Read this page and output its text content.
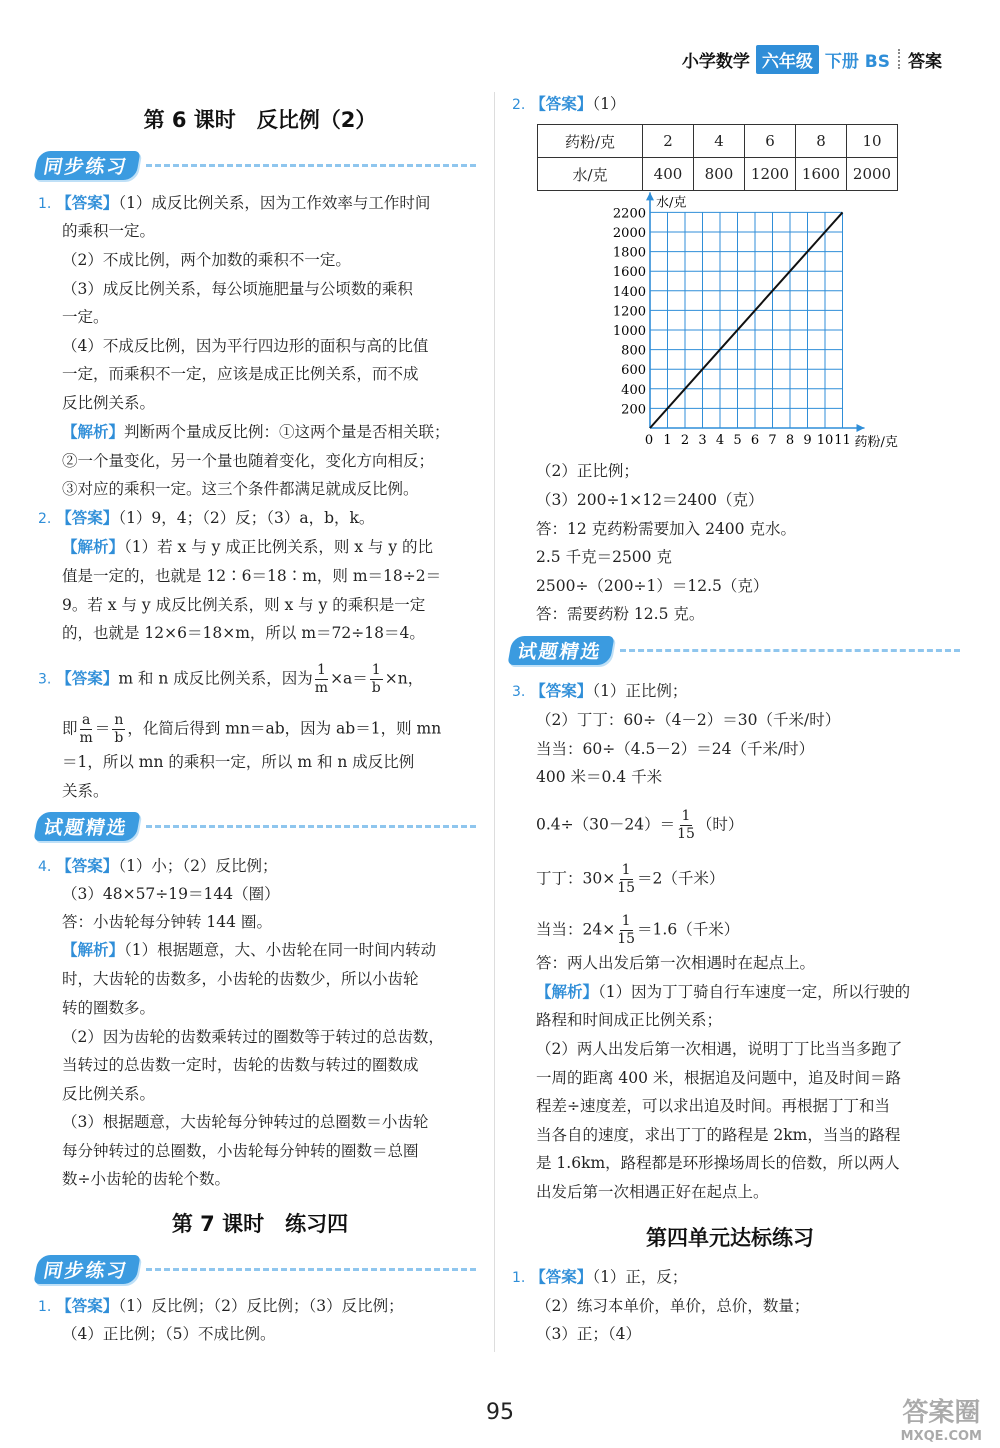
小学数学 六年级 下册 BS 答案
第 6 课时　反比例（2）
同步练习
1. 【答案】（1）成反比例关系，因为工作效率与工作时间
的乘积一定。
（2）不成比例，两个加数的乘积不一定。
（3）成反比例关系，每公顷施肥量与公顷数的乘积
一定。
（4）不成反比例，因为平行四边形的面积与高的比值
一定，而乘积不一定，应该是成正比例关系，而不成
反比例关系。
【解析】判断两个量成反比例：①这两个量是否相关联；
②一个量变化，另一个量也随着变化，变化方向相反；
③对应的乘积一定。这三个条件都满足就成反比例。
2. 【答案】（1）9，4；（2）反；（3）a，b，k。
【解析】（1）若 x 与 y 成正比例关系，则 x 与 y 的比
值是一定的，也就是 12∶6＝18∶m，则 m＝18÷2＝
9。若 x 与 y 成反比例关系，则 x 与 y 的乘积是一定
的，也就是 12×6＝18×m，所以 m＝72÷18＝4。
3. 【答案】m 和 n 成反比例关系，因为 $\frac{1}{m} \times a= \frac{1}{b} \times n$，
即 $\frac{a}{m} = \frac{n}{b}$ ，化简后得到 mn＝ab，因为 ab＝1，则 mn
＝1，所以 mn 的乘积一定，所以 m 和 n 成反比例
关系。
试题精选
4. 【答案】（1）小；（2）反比例；
（3）48×57÷19＝144（圈）
答：小齿轮每分钟转 144 圈。
【解析】（1）根据题意，大、小齿轮在同一时间内转动
时，大齿轮的齿数多，小齿轮的齿数少，所以小齿轮
转的圈数多。
（2）因为齿轮的齿数乘转过的圈数等于转过的总齿数，
当转过的总齿数一定时，齿轮的齿数与转过的圈数成
反比例关系。
（3）根据题意，大齿轮每分钟转过的总圈数＝小齿轮
每分钟转过的总圈数，小齿轮每分钟转的圈数＝总圈
数÷小齿轮的齿轮个数。
第 7 课时　练习四
同步练习
1. 【答案】（1）反比例；（2）反比例；（3）反比例；
（4）正比例；（5）不成比例。
2. 【答案】（1）
药粉/克	2	4	6	8	10
水/克	400	800	1200	1600	2000
0 1 2 3 4 5 6 7 8 9 10 11
200
400
600
800
1000
1200
1400
1600
1800
2000
2200
水/克
药粉/克
（2）正比例；
（3）200÷1×12＝2400（克）
答：12 克药粉需要加入 2400 克水。
2.5 千克＝2500 克
2500÷（200÷1）＝12.5（克）
答：需要药粉 12.5 克。
试题精选
3. 【答案】（1）正比例；
（2）丁丁：60÷（4－2）＝30（千米/时）
当当：60÷（4.5－2）＝24（千米/时）
400 米＝0.4 千米
$0.4\div(30-24)= \frac{1}{15}$ （时）
丁丁：$30\times \frac{1}{15} =2$（千米）
当当：$24\times \frac{1}{15} =1.6$（千米）
答：两人出发后第一次相遇时在起点上。
【解析】（1）因为丁丁骑自行车速度一定，所以行驶的
路程和时间成正比例关系；
（2）两人出发后第一次相遇，说明丁丁比当当多跑了
一周的距离 400 米，根据追及问题中，追及时间＝路
程差÷速度差，可以求出追及时间。再根据丁丁和当
当各自的速度，求出丁丁的路程是 2km，当当的路程
是 1.6km，路程都是环形操场周长的倍数，所以两人
出发后第一次相遇正好在起点上。
第四单元达标练习
1. 【答案】（1）正，反；
（2）练习本单价，单价，总价，数量；
（3）正；（4）
95	答案圈
MXQE.COM
